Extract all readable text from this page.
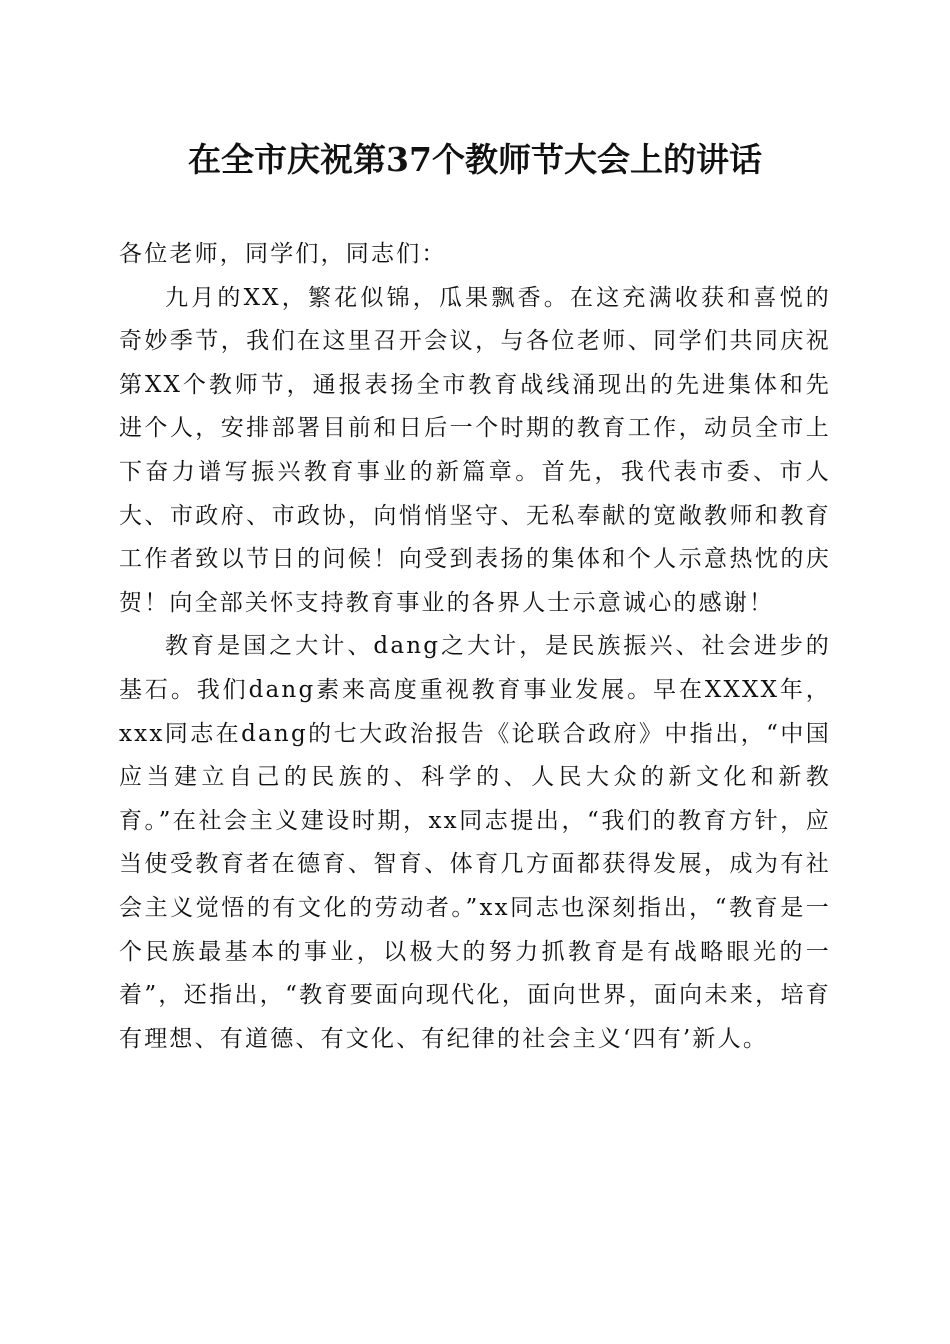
在全市庆祝第37个教师节大会上的讲话

各位老师，同学们，同志们：

九月的XX，繁花似锦，瓜果飘香。在这充满收获和喜悦的奇妙季节，我们在这里召开会议，与各位老师、同学们共同庆祝第XX个教师节，通报表扬全市教育战线涌现出的先进集体和先进个人，安排部署目前和日后一个时期的教育工作，动员全市上下奋力谱写振兴教育事业的新篇章。首先，我代表市委、市人大、市政府、市政协，向悄悄坚守、无私奉献的宽敞教师和教育工作者致以节日的问候！向受到表扬的集体和个人示意热忱的庆贺！向全部关怀支持教育事业的各界人士示意诚心的感谢！

教育是国之大计、dang之大计，是民族振兴、社会进步的基石。我们dang素来高度重视教育事业发展。早在XXXX年，xxx同志在dang的七大政治报告《论联合政府》中指出，“中国应当建立自己的民族的、科学的、人民大众的新文化和新教育。”在社会主义建设时期，xx同志提出，“我们的教育方针，应当使受教育者在德育、智育、体育几方面都获得发展，成为有社会主义觉悟的有文化的劳动者。”xx同志也深刻指出，“教育是一个民族最基本的事业，以极大的努力抓教育是有战略眼光的一着”，还指出，“教育要面向现代化，面向世界，面向未来，培育有理想、有道德、有文化、有纪律的社会主义‘四有’新人。
